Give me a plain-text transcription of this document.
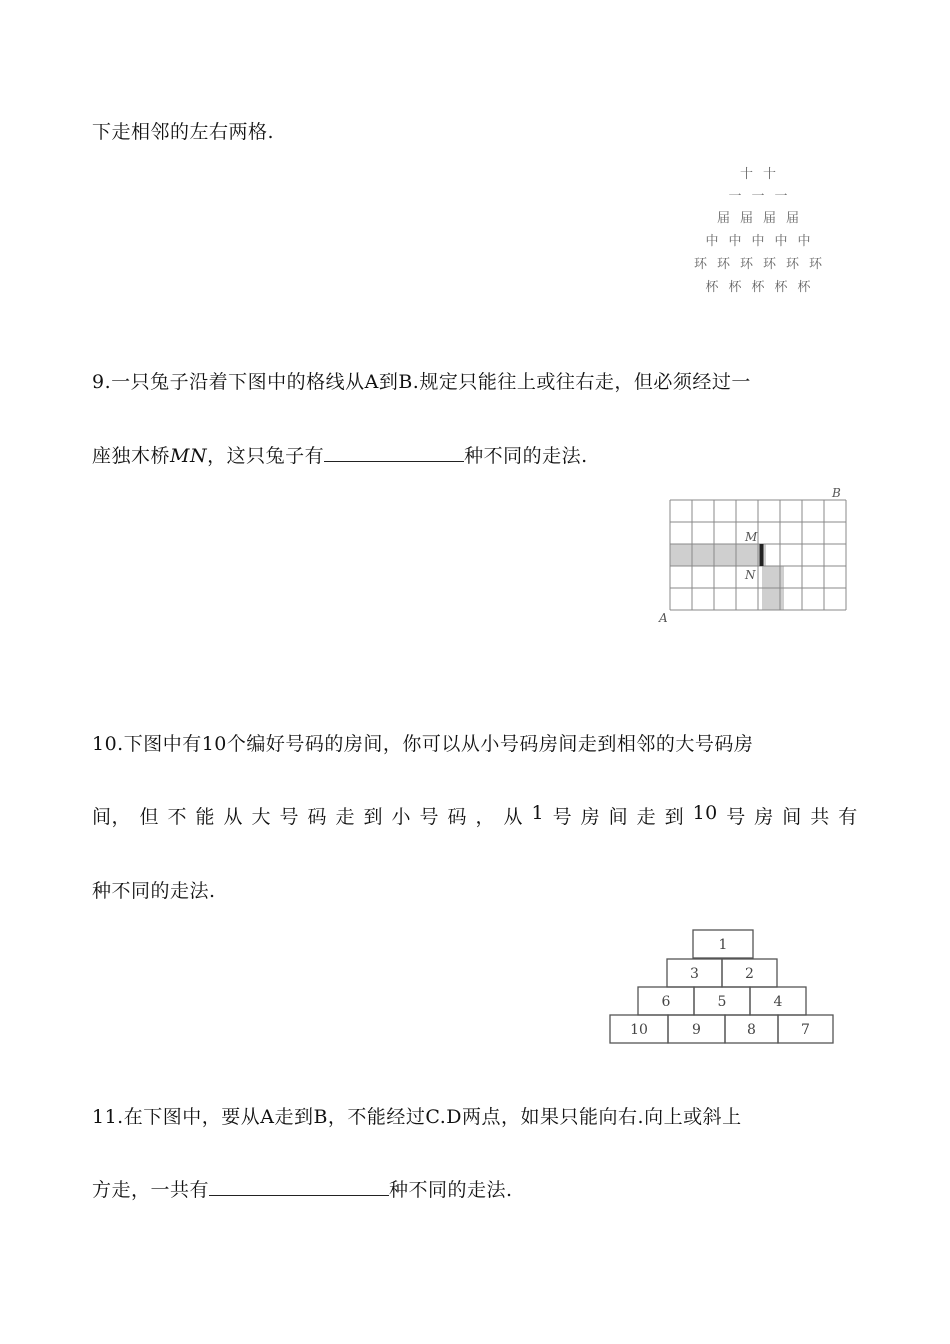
下走相邻的左右两格.
十 十
一 一 一
届 届 届 届
中 中 中 中 中
环 环 环 环 环 环
杯 杯 杯 杯 杯
9.一只兔子沿着下图中的格线从A到B.规定只能往上或往右走，但必须经过一
座独木桥MN，这只兔子有	种不同的走法.
B
A
M
N
10.下图中有10个编好号码的房间，你可以从小号码房间走到相邻的大号码房
间， 但 不 能 从 大 号 码 走 到 小 号 码 ， 从 1 号 房 间 走 到 10 号 房 间 共 有
种不同的走法.
1
3	2
6	5	4
10	9	8	7
11.在下图中，要从A走到B，不能经过C.D两点，如果只能向右.向上或斜上
方走，一共有	种不同的走法.
